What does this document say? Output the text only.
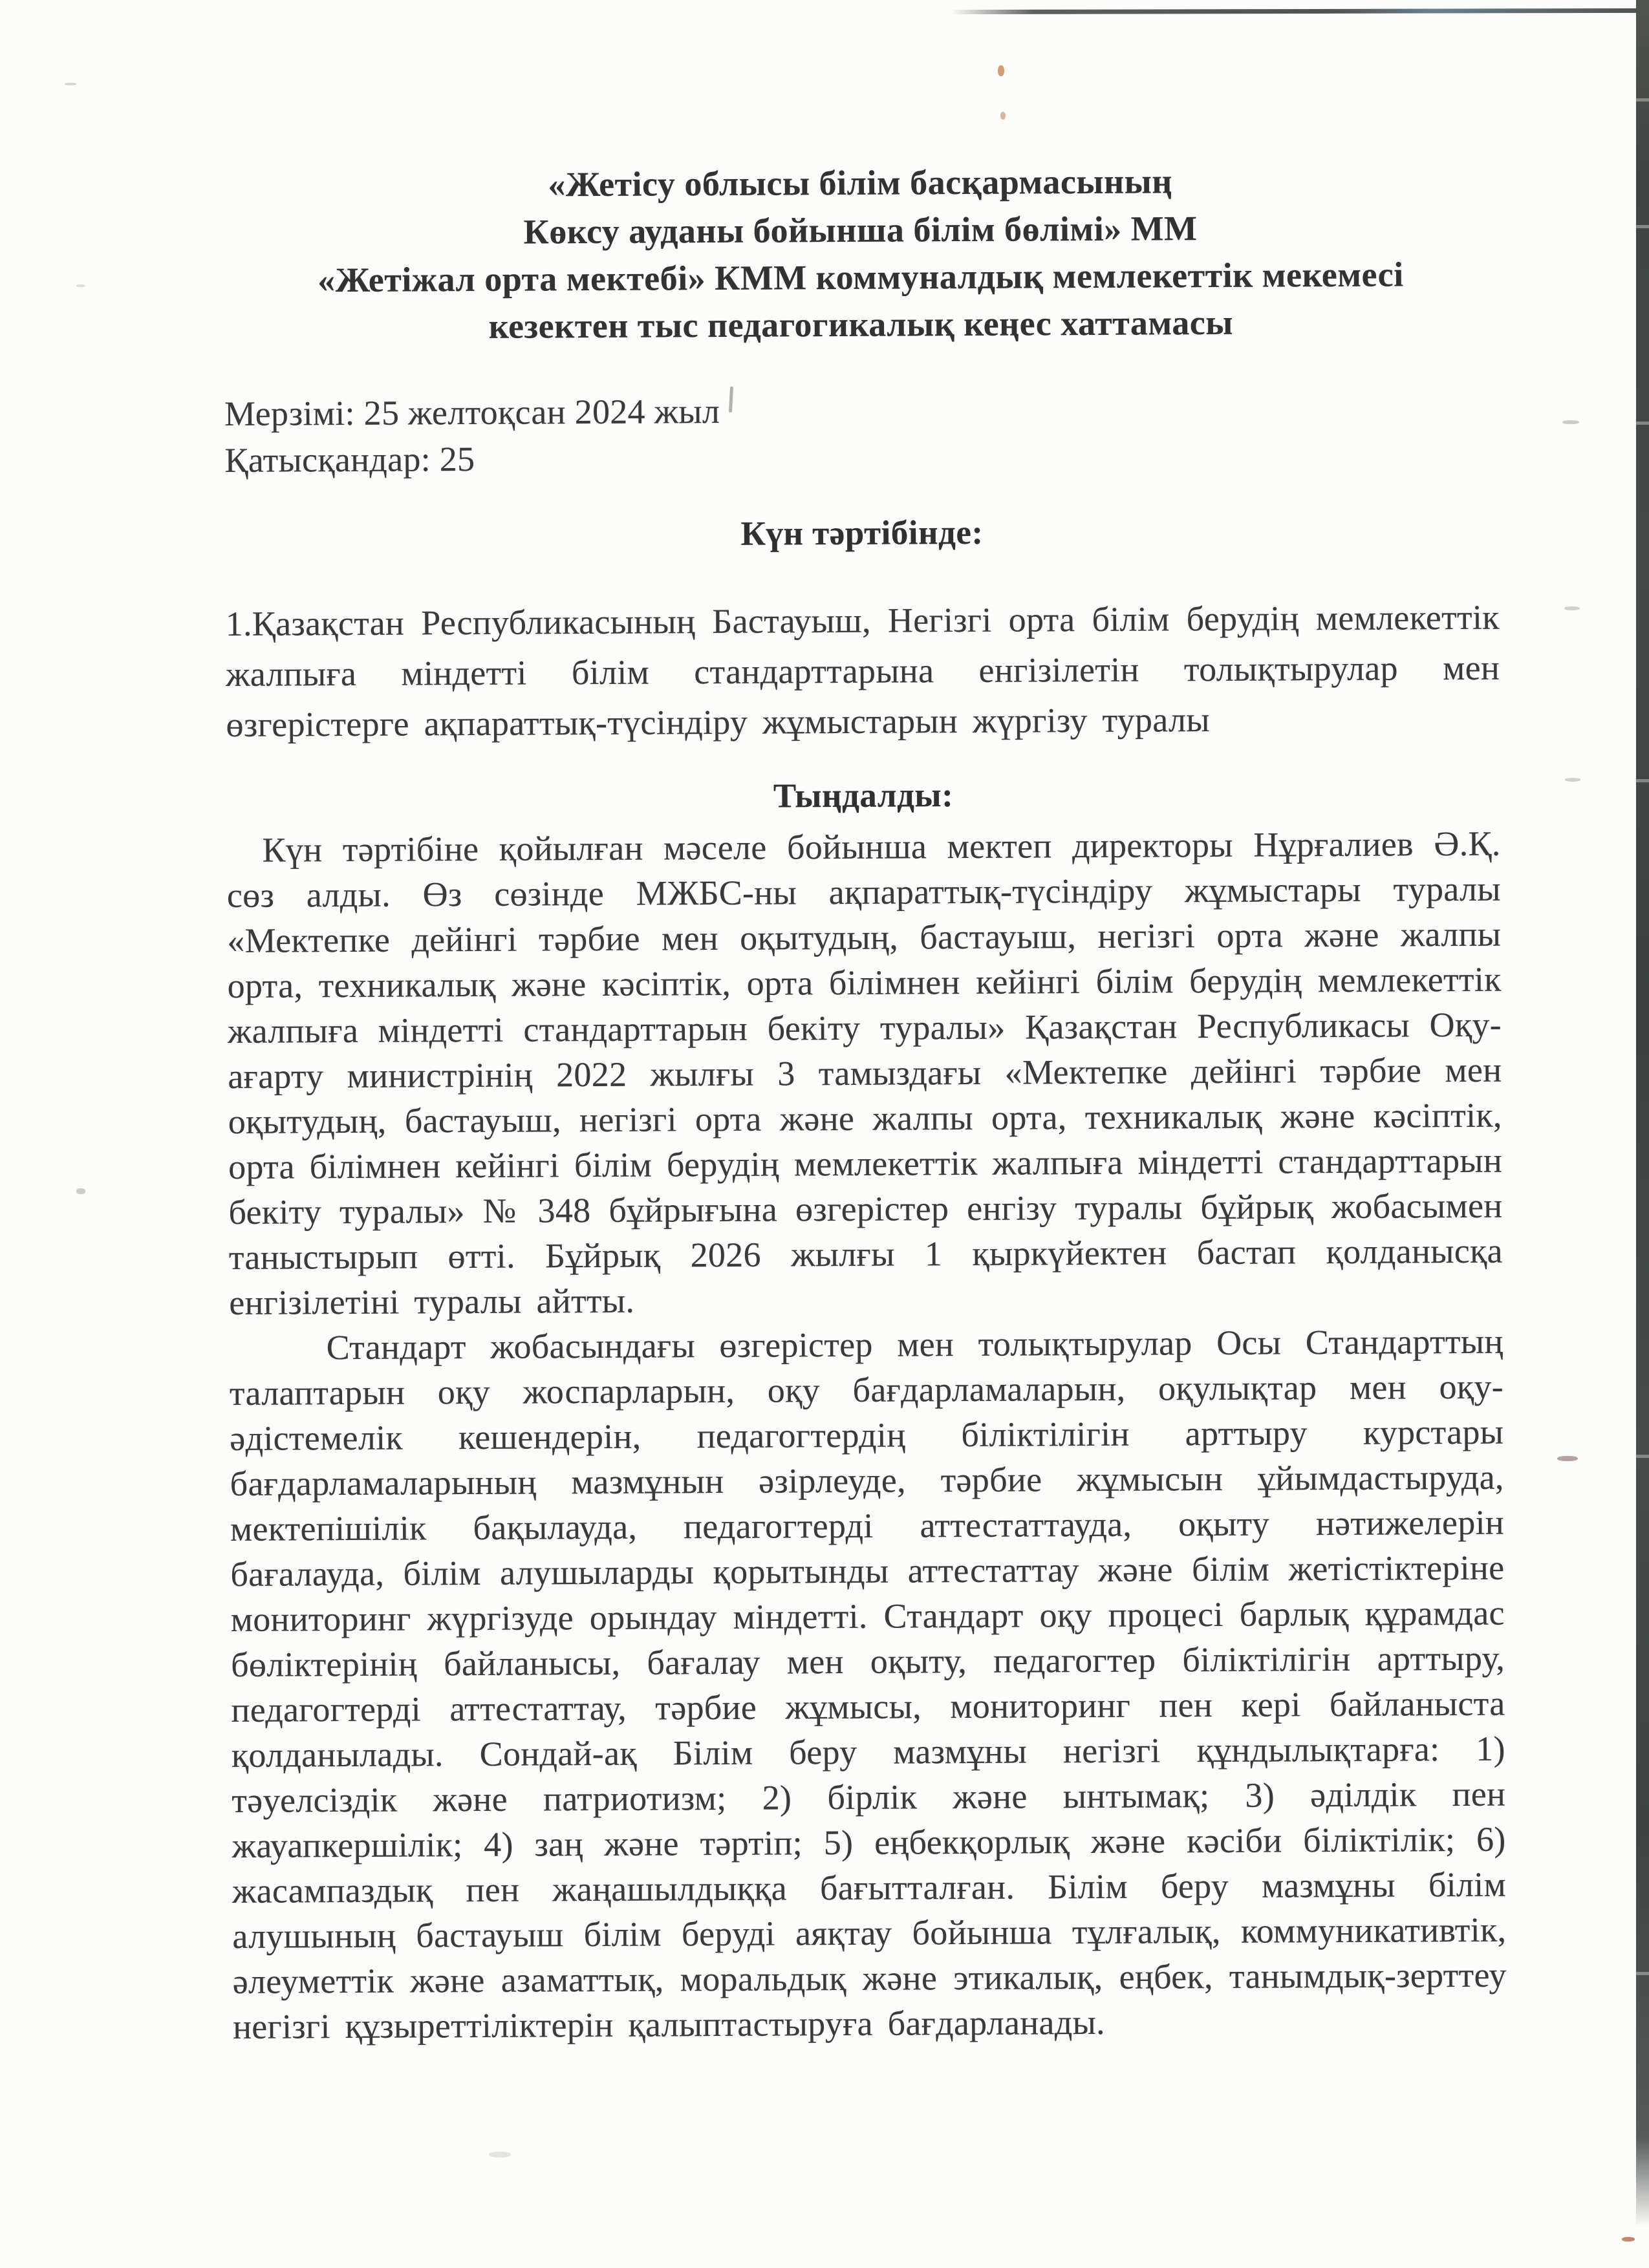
«Жетісу облысы білім басқармасының
Көксу ауданы бойынша білім бөлімі» ММ
«Жетіжал орта мектебі» КММ коммуналдық мемлекеттік мекемесі
кезектен тыс педагогикалық кеңес хаттамасы
Мерзімі: 25 желтоқсан 2024 жыл
Қатысқандар: 25
Күн тәртібінде:

1.Қазақстан Республикасының Бастауыш, Негізгі орта білім берудің мемлекеттік жалпыға міндетті білім стандарттарына енгізілетін толықтырулар мен өзгерістерге ақпараттық-түсіндіру жұмыстарын жүргізу туралы

Тыңдалды:

Күн тәртібіне қойылған мәселе бойынша мектеп директоры Нұрғалиев Ә.Қ. сөз алды. Өз сөзінде МЖБС-ны ақпараттық-түсіндіру жұмыстары туралы «Мектепке дейінгі тәрбие мен оқытудың, бастауыш, негізгі орта және жалпы орта, техникалық және кәсіптік, орта білімнен кейінгі білім берудің мемлекеттік жалпыға міндетті стандарттарын бекіту туралы» Қазақстан Республикасы Оқу-ағарту министрінің 2022 жылғы 3 тамыздағы «Мектепке дейінгі тәрбие мен оқытудың, бастауыш, негізгі орта және жалпы орта, техникалық және кәсіптік, орта білімнен кейінгі білім берудің мемлекеттік жалпыға міндетті стандарттарын бекіту туралы» № 348 бұйрығына өзгерістер енгізу туралы бұйрық жобасымен таныстырып өтті. Бұйрық 2026 жылғы 1 қыркүйектен бастап қолданысқа енгізілетіні туралы айтты.

Стандарт жобасындағы өзгерістер мен толықтырулар Осы Стандарттың талаптарын оқу жоспарларын, оқу бағдарламаларын, оқулықтар мен оқу-әдістемелік кешендерін, педагогтердің біліктілігін арттыру курстары бағдарламаларының мазмұнын әзірлеуде, тәрбие жұмысын ұйымдастыруда, мектепішілік бақылауда, педагогтерді аттестаттауда, оқыту нәтижелерін бағалауда, білім алушыларды қорытынды аттестаттау және білім жетістіктеріне мониторинг жүргізуде орындау міндетті. Стандарт оқу процесі барлық құрамдас бөліктерінің байланысы, бағалау мен оқыту, педагогтер біліктілігін арттыру, педагогтерді аттестаттау, тәрбие жұмысы, мониторинг пен кері байланыста қолданылады. Сондай-ақ Білім беру мазмұны негізгі құндылықтарға: 1) тәуелсіздік және патриотизм; 2) бірлік және ынтымақ; 3) әділдік пен жауапкершілік; 4) заң және тәртіп; 5) еңбекқорлық және кәсіби біліктілік; 6) жасампаздық пен жаңашылдыққа бағытталған. Білім беру мазмұны білім алушының бастауыш білім беруді аяқтау бойынша тұлғалық, коммуникативтік, әлеуметтік және азаматтық, моральдық және этикалық, еңбек, танымдық-зерттеу негізгі құзыреттіліктерін қалыптастыруға бағдарланады.
